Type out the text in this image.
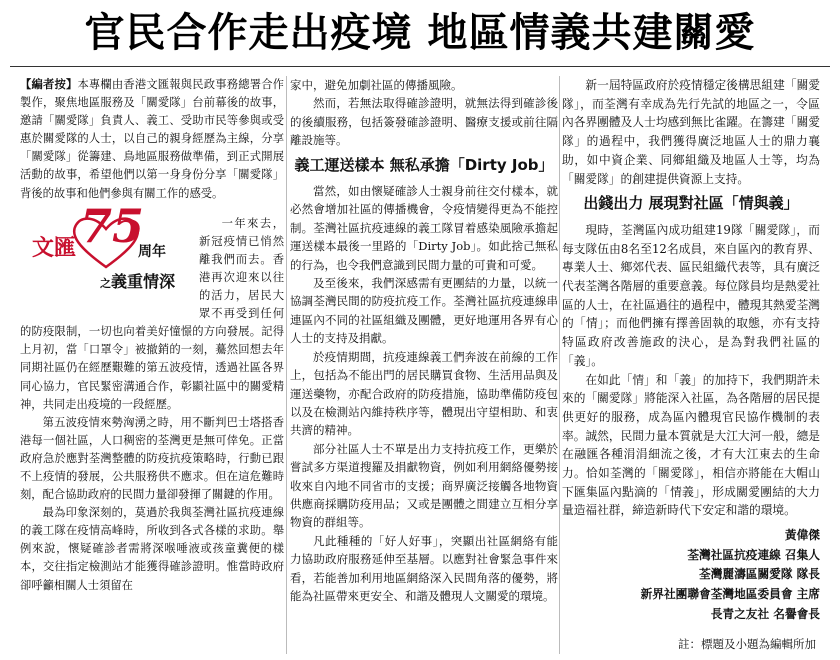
官民合作走出疫境 地區情義共建關愛

【編者按】本專欄由香港文匯報與民政事務總署合作製作，聚焦地區服務及「關愛隊」台前幕後的故事，邀請「關愛隊」負責人、義工、受助市民等參與或受惠於關愛隊的人士，以自己的親身經歷為主線，分享「關愛隊」從籌建、鳥地區服務做準備，到正式開展活動的故事，希望他們以第一身身份分享「關愛隊」背後的故事和他們參與有關工作的感受。

文匯 75
周年
之義重情深

一年來去，新冠疫情已悄然離我們而去。香港再次迎來以往的活力，居民大眾不再受到任何的防疫限制，一切也向着美好憧憬的方向發展。記得上月初，當「口罩令」被撤銷的一刻，驀然回想去年同期社區仍在經歷艱難的第五波疫情，透過社區各界同心協力，官民緊密溝通合作，彰顯社區中的關愛精神，共同走出疫境的一段經歷。

第五波疫情來勢洶湧之時，用不斷判巴士塔搭香港每一個社區，人口稠密的荃灣更是無可倖免。正當政府急於應對荃灣整體的防疫抗疫策略時，行動已跟不上疫情的發展，公共服務供不應求。但在這危難時刻，配合協助政府的民間力量卻發揮了關鍵的作用。

最為印象深刻的，莫過於我與荃灣社區抗疫連線的義工隊在疫情高峰時，所收到各式各樣的求助。舉例來說，懷疑確診者需將深喉唾液或孩童糞便的樣本，交往指定檢測站才能獲得確診證明。惟當時政府卻呼籲相關人士須留在

家中，避免加劇社區的傳播風險。

然而，若無法取得確診證明，就無法得到確診後的後續服務，包括簽發確診證明、醫療支援或前往隔離設施等。

義工運送樣本 無私承擔「Dirty Job」

當然，如由懷疑確診人士親身前往交付樣本，就必然會增加社區的傳播機會，令疫情變得更為不能控制。荃灣社區抗疫連線的義工隊冒着感染風險承擔起運送樣本最後一里路的「Dirty Job」。如此捨己無私的行為，也令我們意識到民間力量的可貴和可愛。

及至後來，我們深感需有更團結的力量，以統一協調荃灣民間的防疫抗疫工作。荃灣社區抗疫連線串連區內不同的社區組織及團體，更好地運用各界有心人士的支持及捐獻。

於疫情期間，抗疫連線義工們奔波在前線的工作上，包括為不能出門的居民購買食物、生活用品與及運送藥物，亦配合政府的防疫措施，協助準備防疫包以及在檢測站內維持秩序等，體現出守望相助、和衷共濟的精神。

部分社區人士不單是出力支持抗疫工作，更樂於嘗試多方渠道搜羅及捐獻物資，例如利用網絡優勢接收來自內地不同省市的支援；商界廣泛接觸各地物資供應商採購防疫用品；又或是團體之間建立互相分享物資的群組等。

凡此種種的「好人好事」，突顯出社區網絡有能力協助政府服務延伸至基層。以應對社會緊急事件來看，若能善加利用地區網絡深入民間角落的優勢，將能為社區帶來更安全、和諧及體現人文關愛的環境。

新一屆特區政府於疫情穩定後構思組建「關愛隊」，而荃灣有幸成為先行先試的地區之一，令區內各界團體及人士均感到無比雀躍。在籌建「關愛隊」的過程中，我們獲得廣泛地區人士的鼎力襄助，如中資企業、同鄉組織及地區人士等，均為「關愛隊」的創建提供資源上支持。

出錢出力 展現對社區「情與義」

現時，荃灣區內成功組建19隊「關愛隊」，而每支隊伍由8名至12名成員，來自區內的教育界、專業人士、鄉郊代表、區民組織代表等，具有廣泛代表荃灣各階層的重要意義。每位隊員均是熱愛社區的人士，在社區過往的過程中，體現其熱愛荃灣的「情」；而他們擁有擇善固執的取態，亦有支持特區政府改善施政的決心，是為對我們社區的「義」。

在如此「情」和「義」的加持下，我們期許未來的「關愛隊」將能深入社區，為各階層的居民提供更好的服務，成為區內體現官民協作機制的表率。誠然，民間力量本質就是大江大河一般，總是在融匯各種涓涓細流之後，才有大江東去的生命力。恰如荃灣的「關愛隊」，相信亦將能在大帽山下匯集區內點滴的「情義」，形成關愛團結的大力量造福社群，締造新時代下安定和諧的環境。

黃偉傑
荃灣社區抗疫連線 召集人
荃灣麗濤區關愛隊 隊長
新界社團聯會荃灣地區委員會 主席
長青之友社 名譽會長
註：標題及小題為編輯所加
